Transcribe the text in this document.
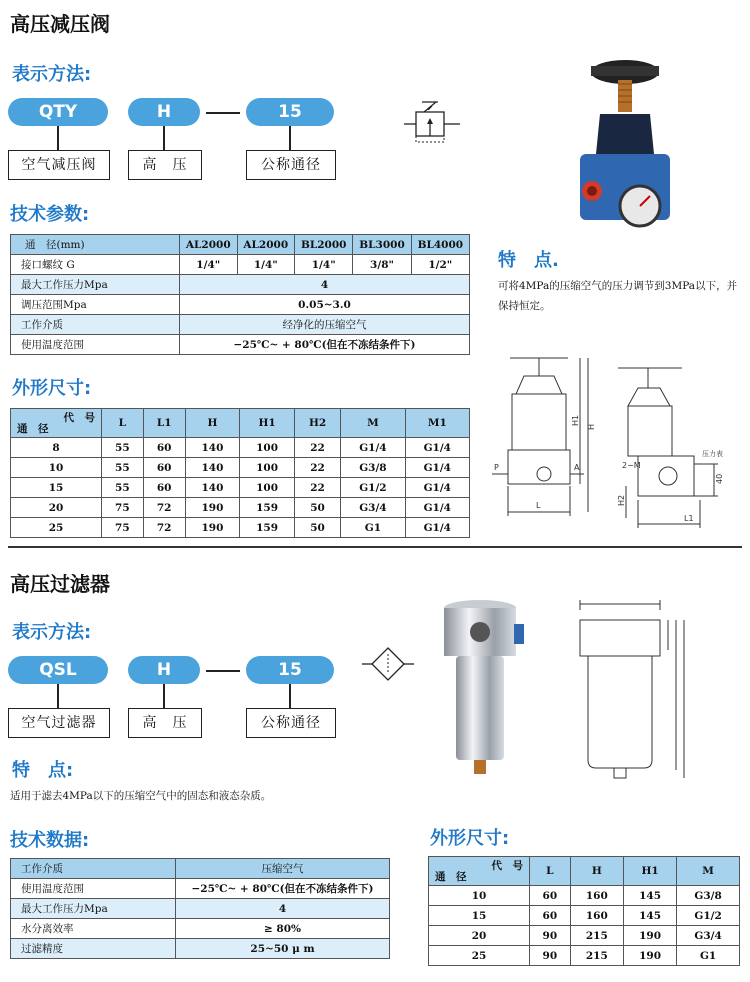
高压减压阀
表示方法:
QTY	H	15
空气减压阀	高　压	公称通径
技术参数:
通　径(mm)	AL2000	AL2000	BL2000	BL3000	BL4000
接口螺纹 G	1/4"	1/4"	1/4"	3/8"	1/2"
最大工作压力Mpa	4				
调压范围Mpa	0.05~3.0				
工作介质	经净化的压缩空气				
使用温度范围	−25℃~ + 80℃(但在不冻结条件下)				
特　点.
可将4MPa的压缩空气的压力调节到3MPa以下，并保持恒定。
外形尺寸:
代　号
通　径	L	L1	H	H1	H2	M	M1
8	55	60	140	100	22	G1/4	G1/4
10	55	60	140	100	22	G3/8	G1/4
15	55	60	140	100	22	G1/2	G1/4
20	75	72	190	159	50	G3/4	G1/4
25	75	72	190	159	50	G1	G1/4
H1
H
P	A
L
2−M
压力表
40
H2
L1
高压过滤器
表示方法:
QSL	H	15
空气过滤器	高　压	公称通径
特　点:
适用于滤去4MPa以下的压缩空气中的固态和液态杂质。
技术数据:
工作介质	压缩空气
使用温度范围	−25℃~ + 80℃(但在不冻结条件下)
最大工作压力Mpa	4
水分离效率	≥ 80%
过滤精度	25~50 μ m
外形尺寸:
代　号
通　径	L	H	H1	M
10	60	160	145	G3/8
15	60	160	145	G1/2
20	90	215	190	G3/4
25	90	215	190	G1
